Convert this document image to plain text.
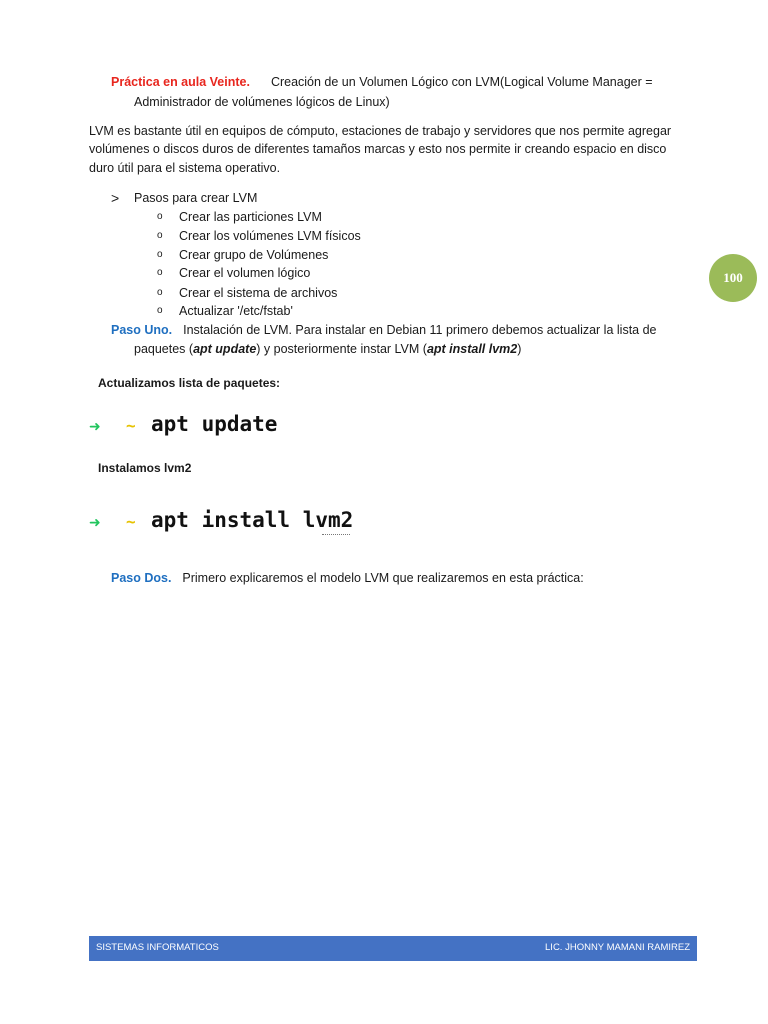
Práctica en aula Veinte. Creación de un Volumen Lógico con LVM(Logical Volume Manager =
Administrador de volúmenes lógicos de Linux)
LVM es bastante útil en equipos de cómputo, estaciones de trabajo y servidores que nos permite agregar
volúmenes o discos duros de diferentes tamaños marcas y esto nos permite ir creando espacio en disco
duro útil para el sistema operativo.
> Pasos para crear LVM
o Crear las particiones LVM
o Crear los volúmenes LVM físicos
o Crear grupo de Volúmenes
o Crear el volumen lógico
o Crear el sistema de archivos
o Actualizar '/etc/fstab'
100
Paso Uno. Instalación de LVM. Para instalar en Debian 11 primero debemos actualizar la lista de
paquetes (apt update) y posteriormente instar LVM (apt install lvm2)
Actualizamos lista de paquetes:
➜ ~ apt update
Instalamos lvm2
➜ ~ apt install lvm2
Paso Dos. Primero explicaremos el modelo LVM que realizaremos en esta práctica:
SISTEMAS INFORMATICOS	LIC. JHONNY MAMANI RAMIREZ
